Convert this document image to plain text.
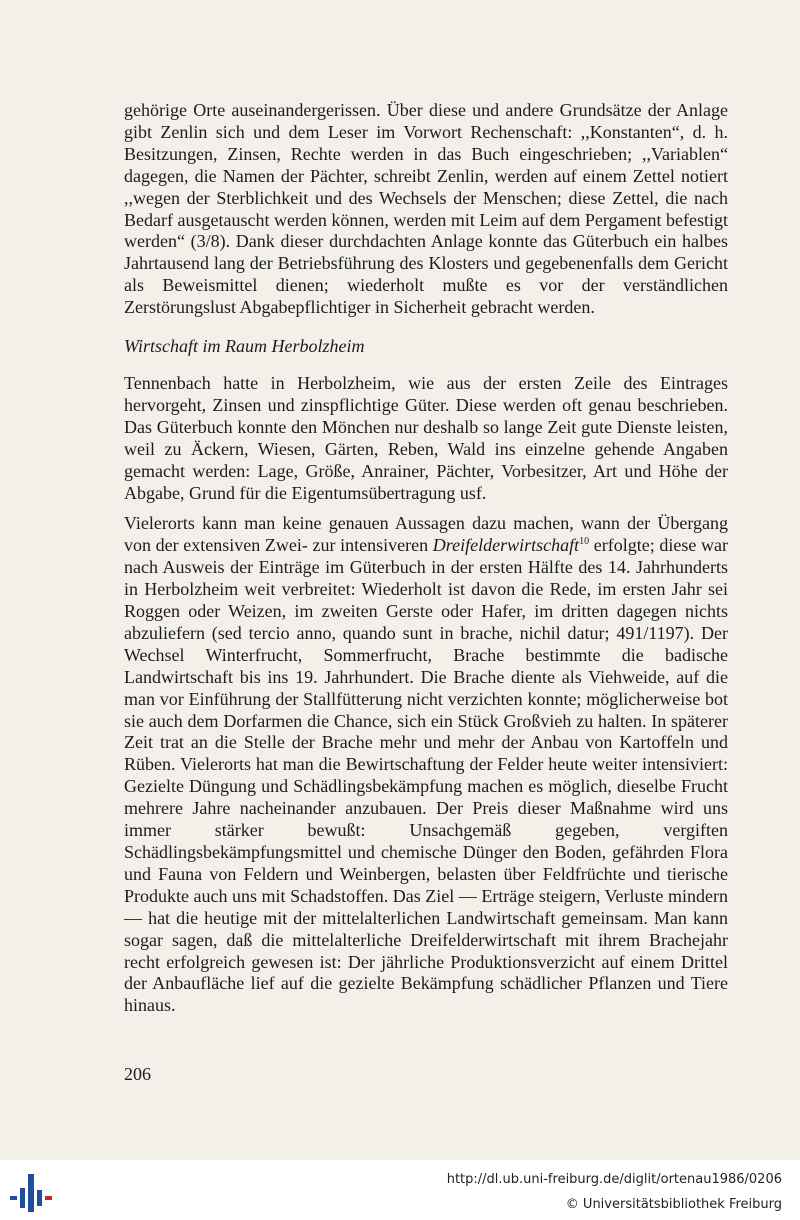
gehörige Orte auseinandergerissen. Über diese und andere Grundsätze der Anlage gibt Zenlin sich und dem Leser im Vorwort Rechenschaft: ,,Konstanten“, d. h. Besitzungen, Zinsen, Rechte werden in das Buch eingeschrieben; ,,Variablen“ dagegen, die Namen der Pächter, schreibt Zenlin, werden auf einem Zettel notiert ,,wegen der Sterblichkeit und des Wechsels der Menschen; diese Zettel, die nach Bedarf ausgetauscht werden können, werden mit Leim auf dem Pergament befestigt werden“ (3/8). Dank dieser durchdachten Anlage konnte das Güterbuch ein halbes Jahrtausend lang der Betriebsführung des Klosters und gegebenenfalls dem Gericht als Beweismittel dienen; wiederholt mußte es vor der verständlichen Zerstörungslust Abgabepflichtiger in Sicherheit gebracht werden.

Wirtschaft im Raum Herbolzheim

Tennenbach hatte in Herbolzheim, wie aus der ersten Zeile des Eintrages hervorgeht, Zinsen und zinspflichtige Güter. Diese werden oft genau beschrieben. Das Güterbuch konnte den Mönchen nur deshalb so lange Zeit gute Dienste leisten, weil zu Äckern, Wiesen, Gärten, Reben, Wald ins einzelne gehende Angaben gemacht werden: Lage, Größe, Anrainer, Pächter, Vorbesitzer, Art und Höhe der Abgabe, Grund für die Eigentumsübertragung usf.

Vielerorts kann man keine genauen Aussagen dazu machen, wann der Übergang von der extensiven Zwei- zur intensiveren Dreifelderwirtschaft$^{10}$ erfolgte; diese war nach Ausweis der Einträge im Güterbuch in der ersten Hälfte des 14. Jahrhunderts in Herbolzheim weit verbreitet: Wiederholt ist davon die Rede, im ersten Jahr sei Roggen oder Weizen, im zweiten Gerste oder Hafer, im dritten dagegen nichts abzuliefern (sed tercio anno, quando sunt in brache, nichil datur; 491/1197). Der Wechsel Winterfrucht, Sommerfrucht, Brache bestimmte die badische Landwirtschaft bis ins 19. Jahrhundert. Die Brache diente als Viehweide, auf die man vor Einführung der Stallfütterung nicht verzichten konnte; möglicherweise bot sie auch dem Dorfarmen die Chance, sich ein Stück Großvieh zu halten. In späterer Zeit trat an die Stelle der Brache mehr und mehr der Anbau von Kartoffeln und Rüben. Vielerorts hat man die Bewirtschaftung der Felder heute weiter intensiviert: Gezielte Düngung und Schädlingsbekämpfung machen es möglich, dieselbe Frucht mehrere Jahre nacheinander anzubauen. Der Preis dieser Maßnahme wird uns immer stärker bewußt: Unsachgemäß gegeben, vergiften Schädlingsbekämpfungsmittel und chemische Dünger den Boden, gefährden Flora und Fauna von Feldern und Weinbergen, belasten über Feldfrüchte und tierische Produkte auch uns mit Schadstoffen. Das Ziel — Erträge steigern, Verluste mindern — hat die heutige mit der mittelalterlichen Landwirtschaft gemeinsam. Man kann sogar sagen, daß die mittelalterliche Dreifelderwirtschaft mit ihrem Brachejahr recht erfolgreich gewesen ist: Der jährliche Produktionsverzicht auf einem Drittel der Anbaufläche lief auf die gezielte Bekämpfung schädlicher Pflanzen und Tiere hinaus.

206
http://dl.ub.uni-freiburg.de/diglit/ortenau1986/0206
© Universitätsbibliothek Freiburg
